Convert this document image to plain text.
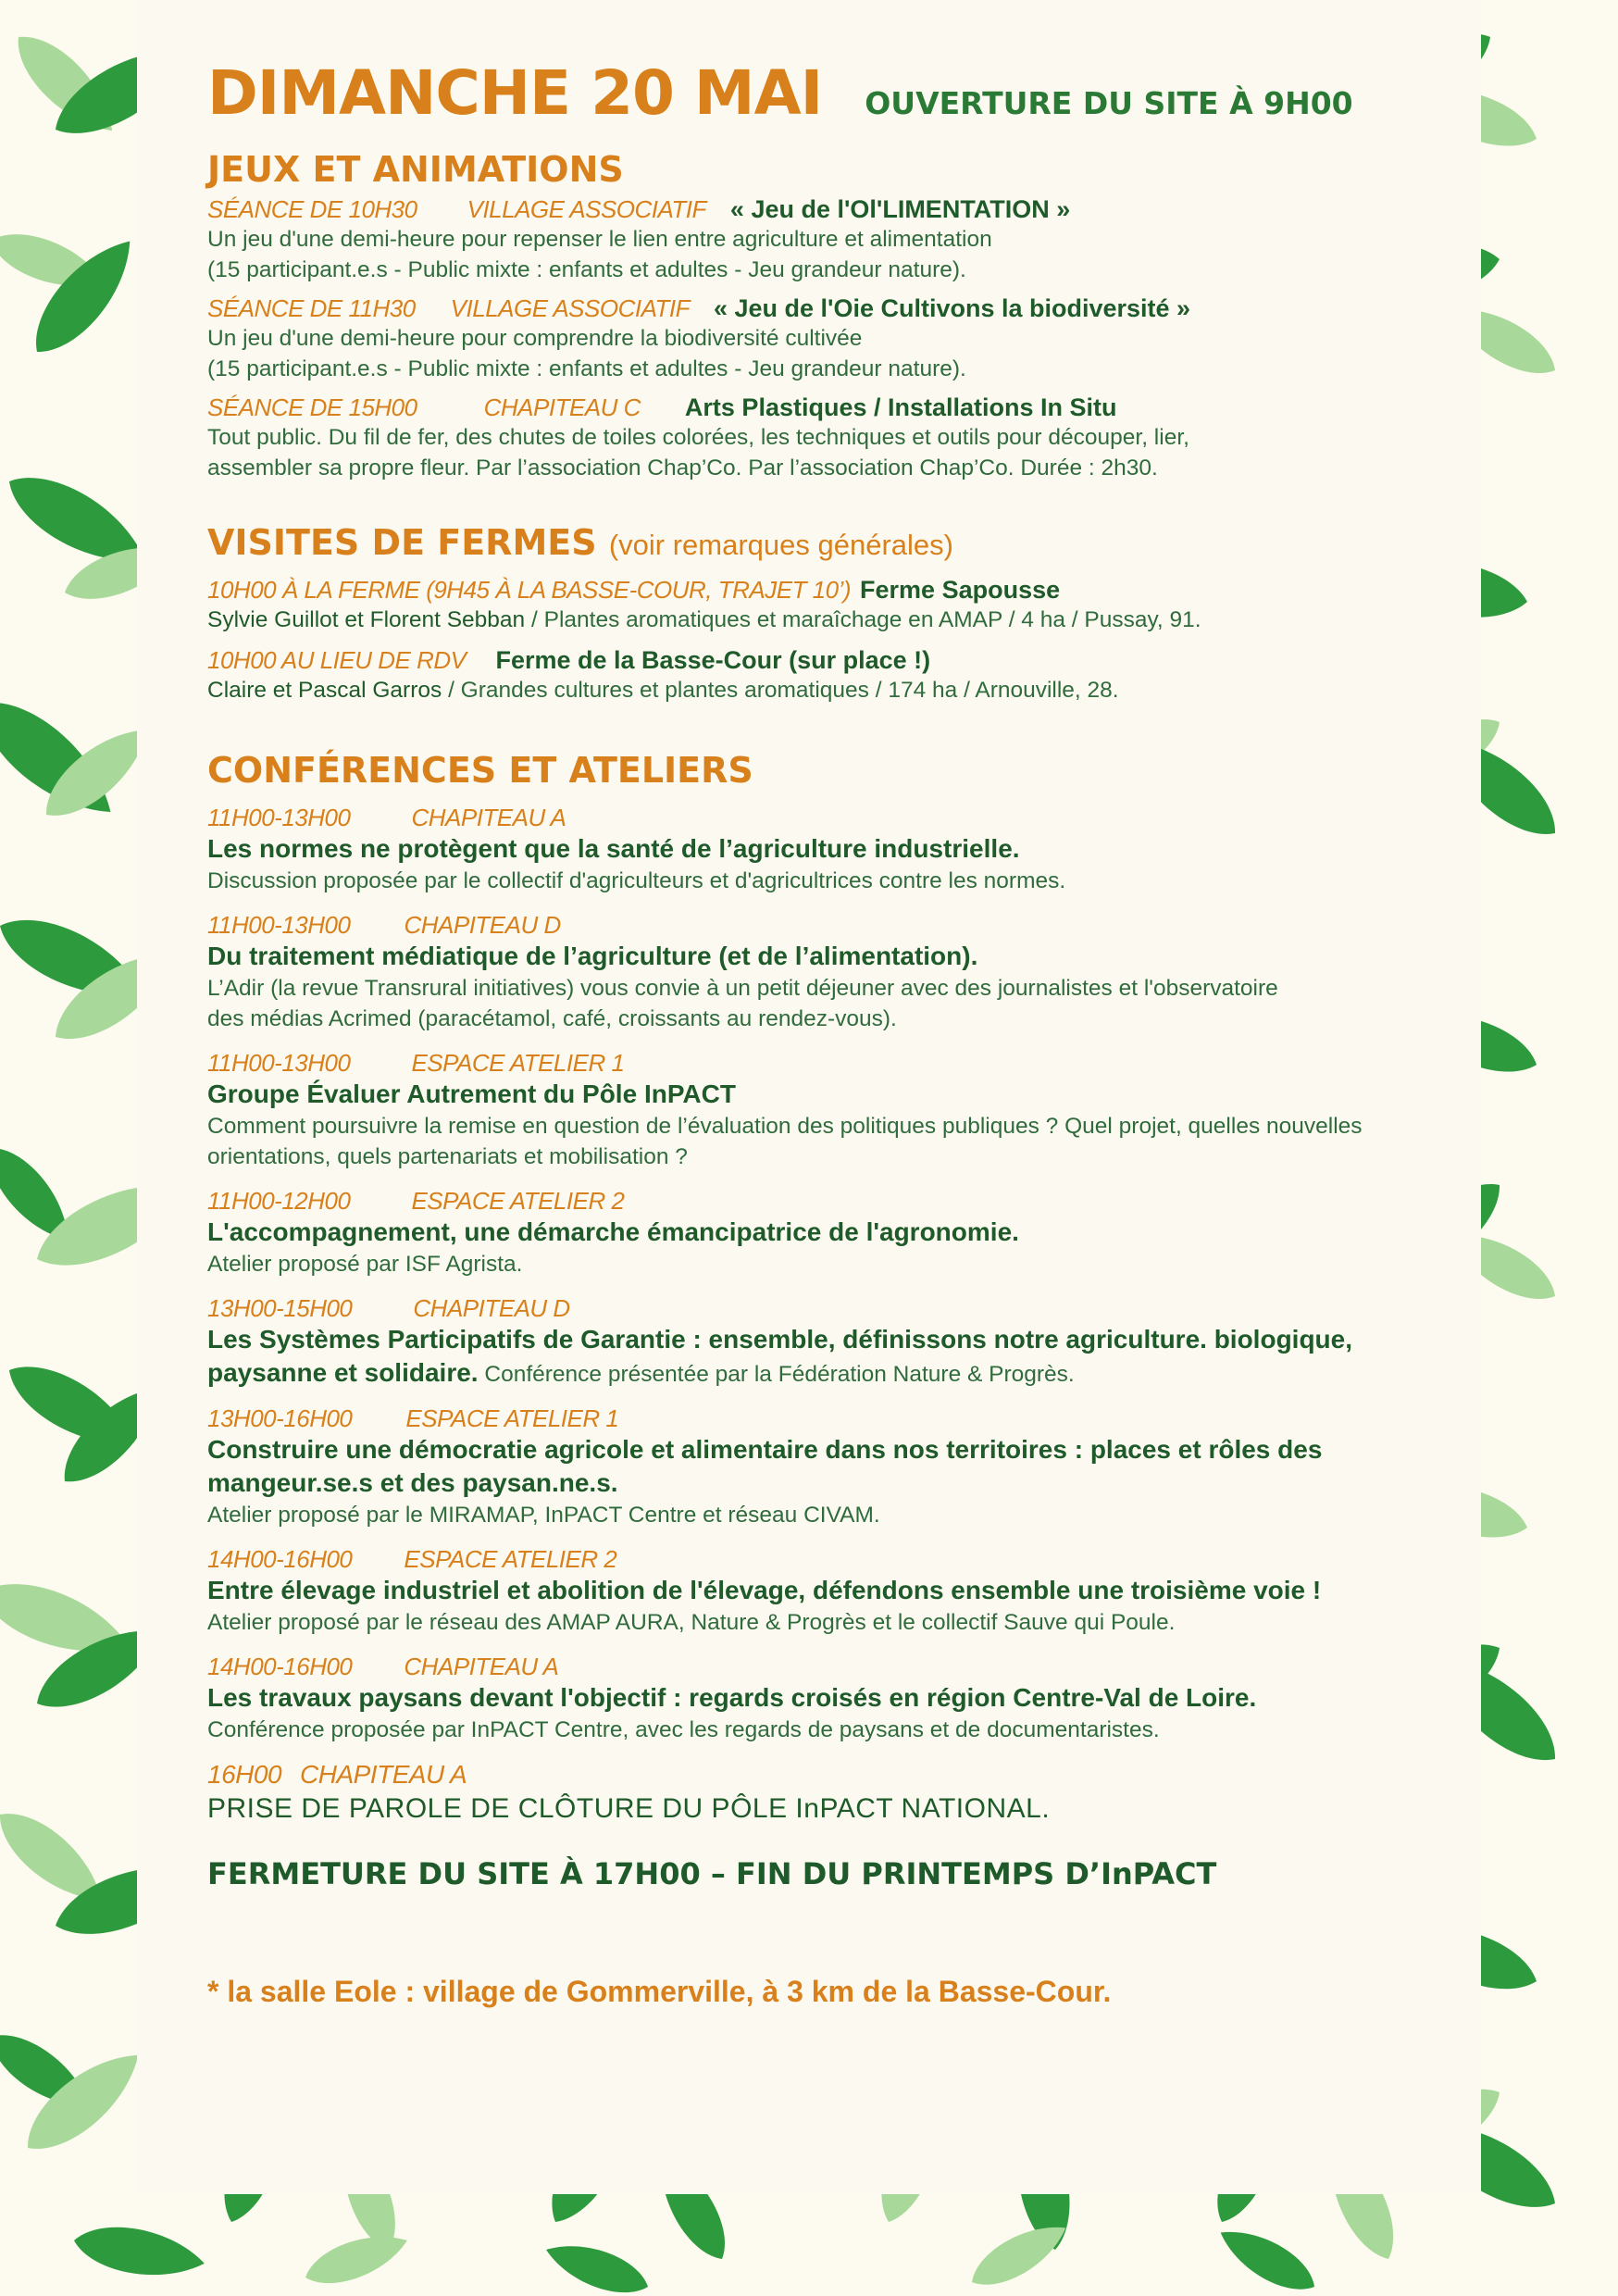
DIMANCHE 20 MAI OUVERTURE DU SITE À 9H00
JEUX ET ANIMATIONS
SÉANCE DE 10H30 VILLAGE ASSOCIATIF « Jeu de l'Ol'LIMENTATION »
Un jeu d'une demi-heure pour repenser le lien entre agriculture et alimentation
(15 participant.e.s - Public mixte : enfants et adultes - Jeu grandeur nature).
SÉANCE DE 11H30 VILLAGE ASSOCIATIF « Jeu de l'Oie Cultivons la biodiversité »
Un jeu d'une demi-heure pour comprendre la biodiversité cultivée
(15 participant.e.s - Public mixte : enfants et adultes - Jeu grandeur nature).
SÉANCE DE 15H00	CHAPITEAU C Arts Plastiques / Installations In Situ
Tout public. Du fil de fer, des chutes de toiles colorées, les techniques et outils pour découper, lier,
assembler sa propre fleur. Par l’association Chap’Co. Par l’association Chap’Co. Durée : 2h30.
VISITES DE FERMES (voir remarques générales)
10H00 À LA FERME (9H45 À LA BASSE-COUR, TRAJET 10’) Ferme Sapousse
Sylvie Guillot et Florent Sebban / Plantes aromatiques et maraîchage en AMAP / 4 ha / Pussay, 91.
10H00 AU LIEU DE RDV Ferme de la Basse-Cour (sur place !)
Claire et Pascal Garros / Grandes cultures et plantes aromatiques / 174 ha / Arnouville, 28.
CONFÉRENCES ET ATELIERS
11H00-13H00	CHAPITEAU A
Les normes ne protègent que la santé de l’agriculture industrielle.
Discussion proposée par le collectif d'agriculteurs et d'agricultrices contre les normes.
11H00-13H00 CHAPITEAU D
Du traitement médiatique de l’agriculture (et de l’alimentation).
L’Adir (la revue Transrural initiatives) vous convie à un petit déjeuner avec des journalistes et l'observatoire des médias Acrimed (paracétamol, café, croissants au rendez-vous).
11H00-13H00	ESPACE ATELIER 1
Groupe Évaluer Autrement du Pôle InPACT
Comment poursuivre la remise en question de l’évaluation des politiques publiques ? Quel projet, quelles nouvelles orientations, quels partenariats et mobilisation ?
11H00-12H00	ESPACE ATELIER 2
L'accompagnement, une démarche émancipatrice de l'agronomie.
Atelier proposé par ISF Agrista.
13H00-15H00	CHAPITEAU D
Les Systèmes Participatifs de Garantie : ensemble, définissons notre agriculture. biologique, paysanne et solidaire. Conférence présentée par la Fédération Nature & Progrès.
13H00-16H00 ESPACE ATELIER 1
Construire une démocratie agricole et alimentaire dans nos territoires : places et rôles des mangeur.se.s et des paysan.ne.s.
Atelier proposé par le MIRAMAP, InPACT Centre et réseau CIVAM.
14H00-16H00 ESPACE ATELIER 2
Entre élevage industriel et abolition de l'élevage, défendons ensemble une troisième voie !
Atelier proposé par le réseau des AMAP AURA, Nature & Progrès et le collectif Sauve qui Poule.
14H00-16H00 CHAPITEAU A
Les travaux paysans devant l'objectif : regards croisés en région Centre-Val de Loire.
Conférence proposée par InPACT Centre, avec les regards de paysans et de documentaristes.
16H00 CHAPITEAU A
PRISE DE PAROLE DE CLÔTURE DU PÔLE InPACT NATIONAL.
FERMETURE DU SITE À 17H00 – FIN DU PRINTEMPS D’InPACT
* la salle Eole : village de Gommerville, à 3 km de la Basse-Cour.
